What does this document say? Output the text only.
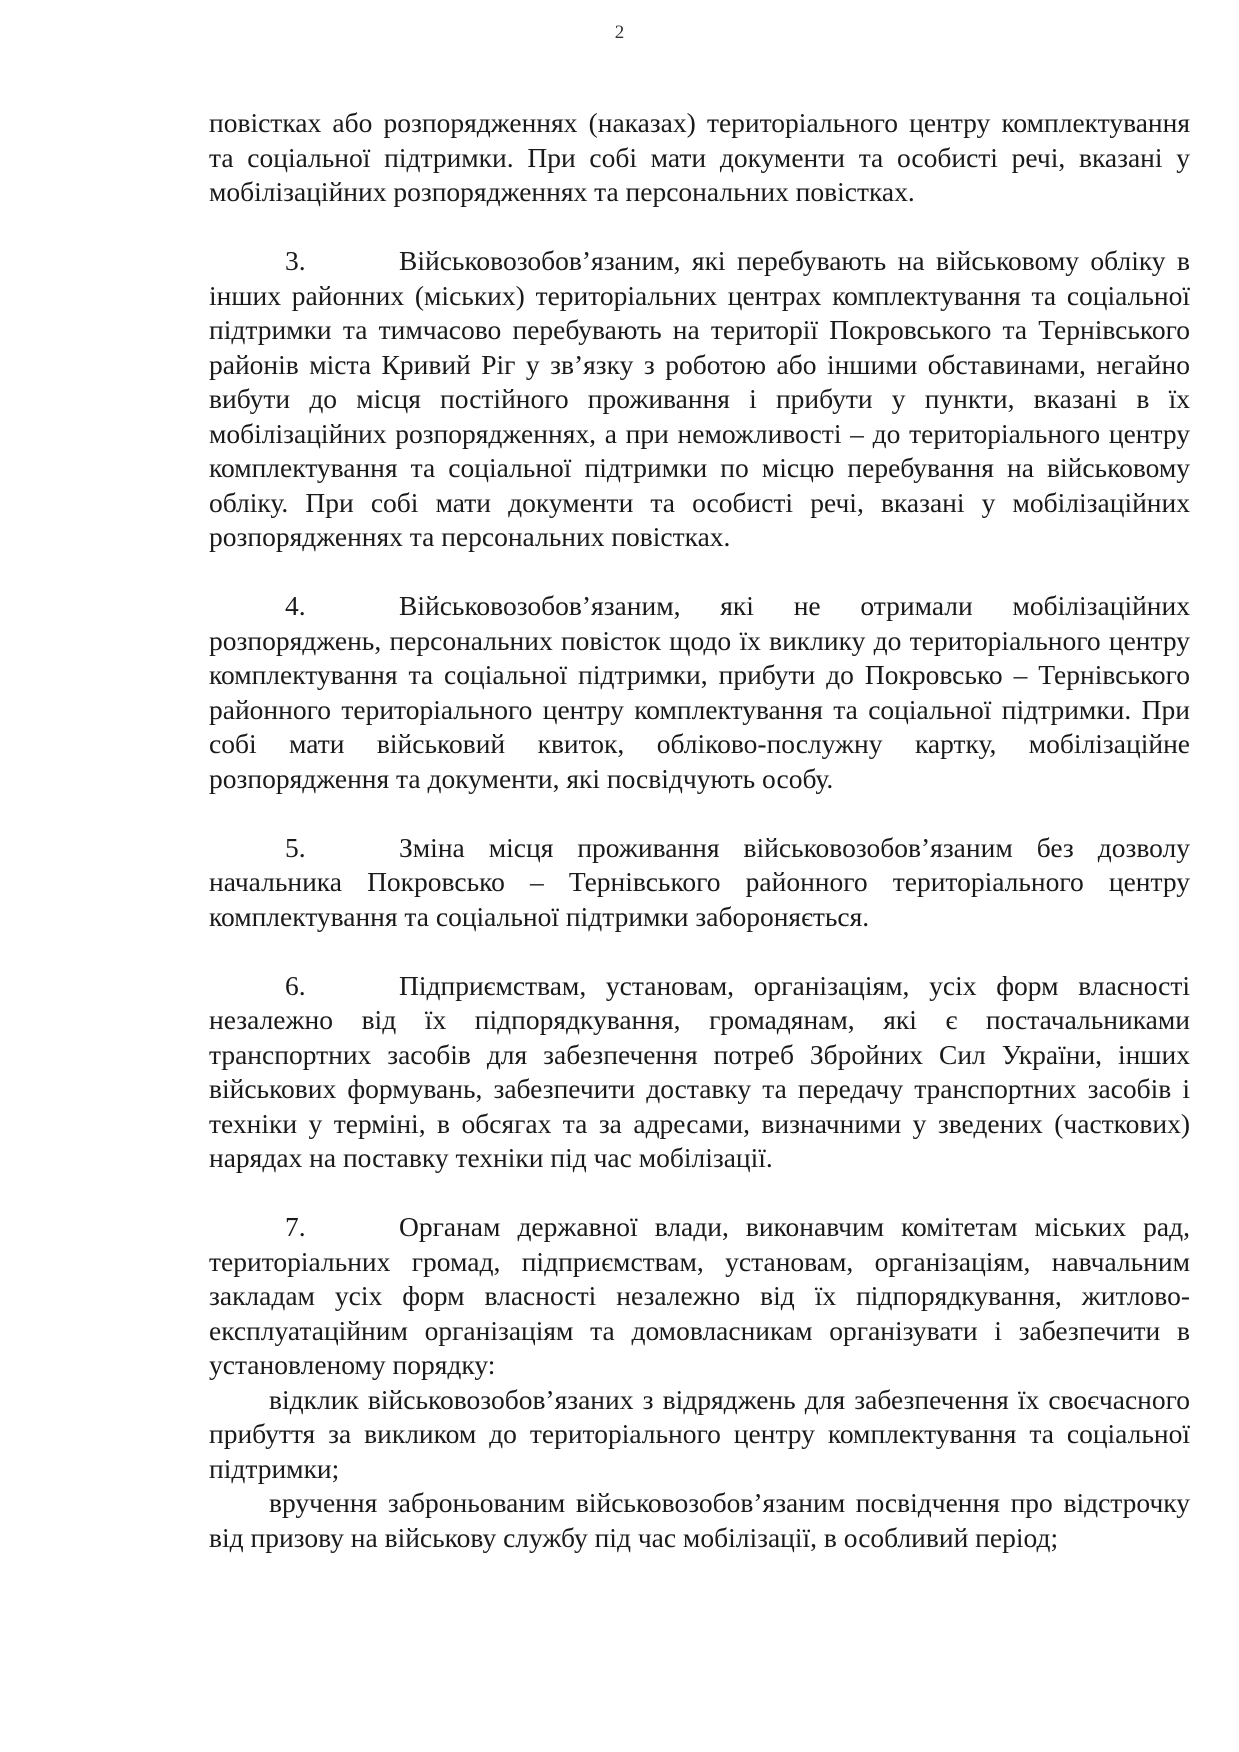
2

повістках або розпорядженнях (наказах) територіального центру комплектування та соціальної підтримки. При собі мати документи та особисті речі, вказані у мобілізаційних розпорядженнях та персональних повістках.

3.	Військовозобов’язаним, які перебувають на військовому обліку в інших районних (міських) територіальних центрах комплектування та соціальної підтримки та тимчасово перебувають на території Покровського та Тернівського районів міста Кривий Ріг у зв’язку з роботою або іншими обставинами, негайно вибути до місця постійного проживання і прибути у пункти, вказані в їх мобілізаційних розпорядженнях, а при неможливості – до територіального центру комплектування та соціальної підтримки по місцю перебування на військовому обліку. При собі мати документи та особисті речі, вказані у мобілізаційних розпорядженнях та персональних повістках.

4.	Військовозобов’язаним, які не отримали мобілізаційних розпоряджень, персональних повісток щодо їх виклику до територіального центру комплектування та соціальної підтримки, прибути до Покровсько – Тернівського районного територіального центру комплектування та соціальної підтримки. При собі мати військовий квиток, обліково-послужну картку, мобілізаційне розпорядження та документи, які посвідчують особу.

5.	Зміна місця проживання військовозобов’язаним без дозволу начальника Покровсько – Тернівського районного територіального центру комплектування та соціальної підтримки забороняється.

6.	Підприємствам, установам, організаціям, усіх форм власності незалежно від їх підпорядкування, громадянам, які є постачальниками транспортних засобів для забезпечення потреб Збройних Сил України, інших військових формувань, забезпечити доставку та передачу транспортних засобів і техніки у терміні, в обсягах та за адресами, визначними у зведених (часткових) нарядах на поставку техніки під час мобілізації.

7.	Органам державної влади, виконавчим комітетам міських рад, територіальних громад, підприємствам, установам, організаціям, навчальним закладам усіх форм власності незалежно від їх підпорядкування, житлово-експлуатаційним організаціям та домовласникам організувати і забезпечити в установленому порядку:

відклик військовозобов’язаних з відряджень для забезпечення їх своєчасного прибуття за викликом до територіального центру комплектування та соціальної підтримки;

вручення заброньованим військовозобов’язаним посвідчення про відстрочку від призову на військову службу під час мобілізації, в особливий період;
